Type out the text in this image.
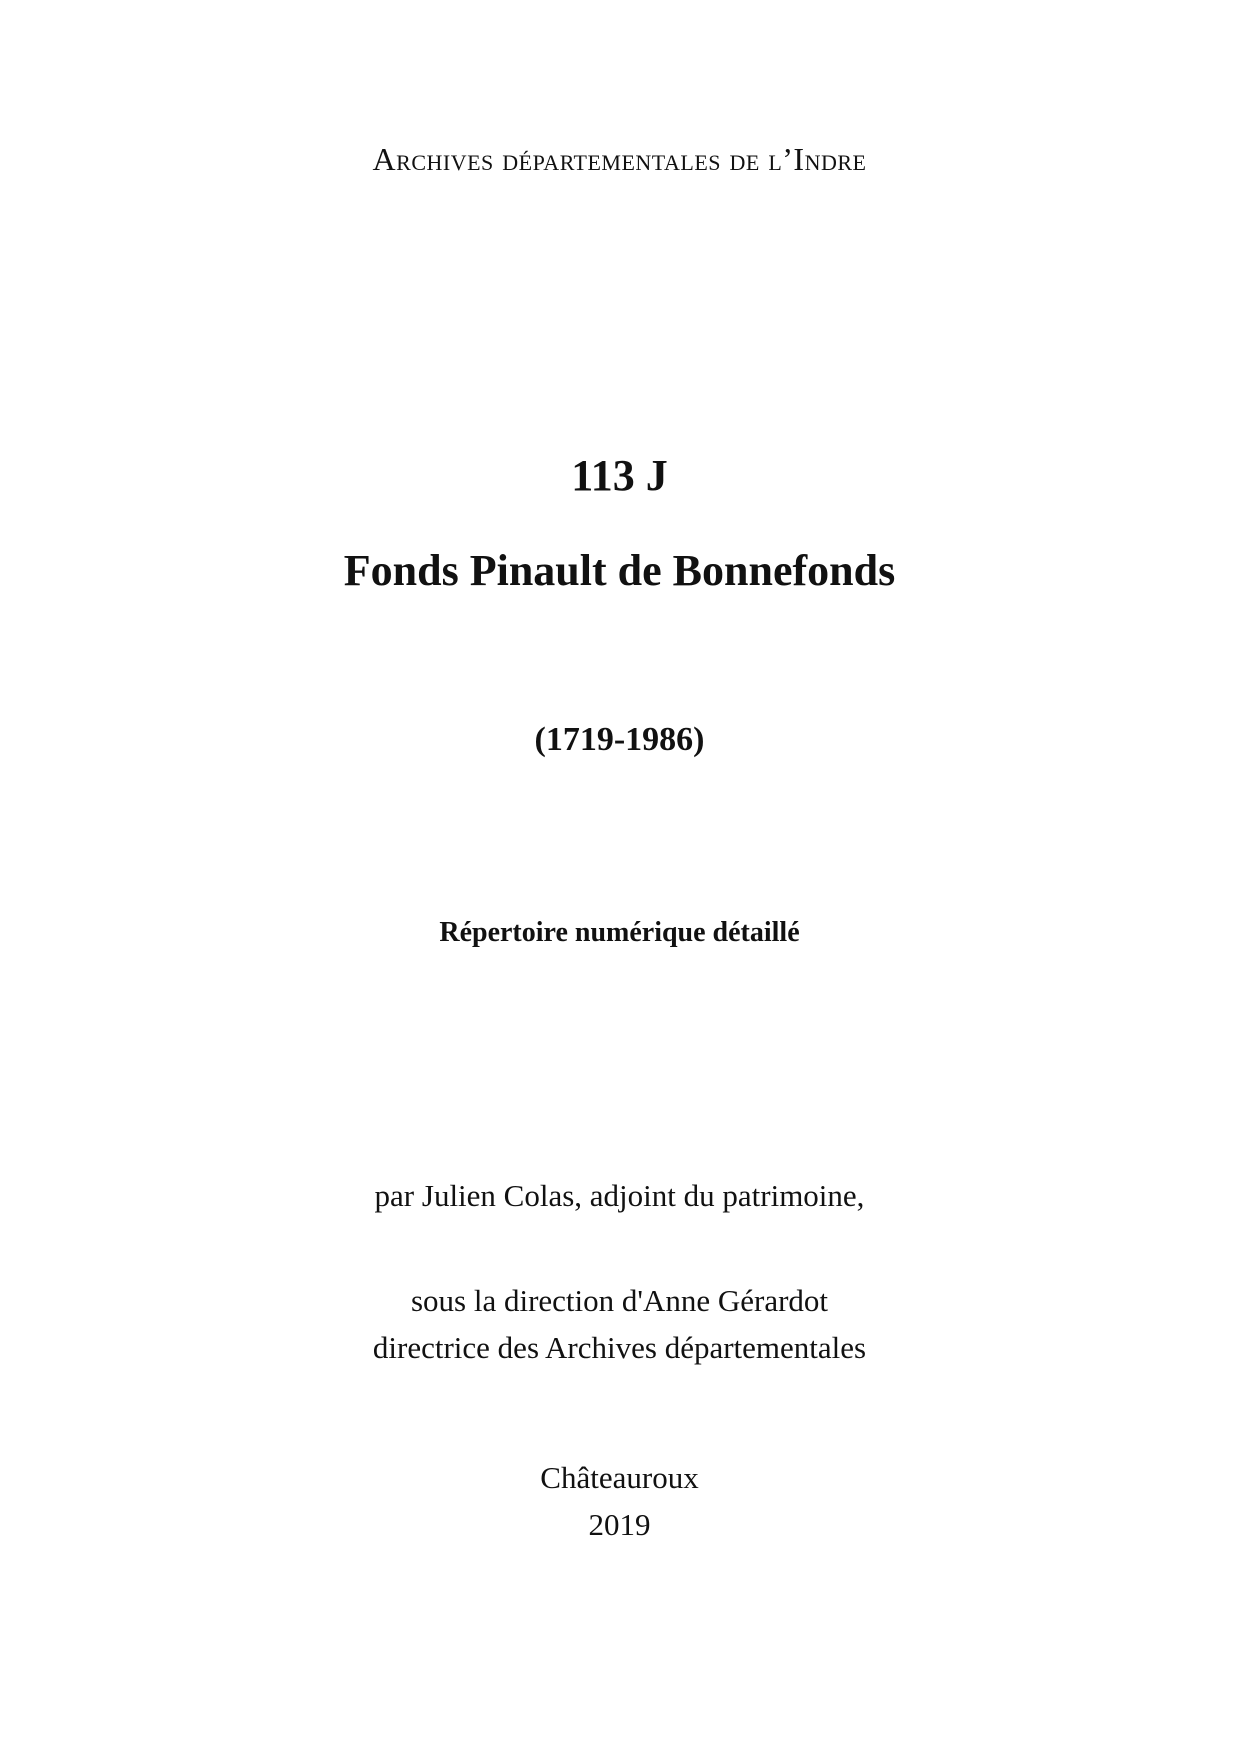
Archives départementales de l’Indre
113 J
Fonds Pinault de Bonnefonds
(1719-1986)
Répertoire numérique détaillé
par Julien Colas, adjoint du patrimoine,
sous la direction d'Anne Gérardot
directrice des Archives départementales
Châteauroux
2019
